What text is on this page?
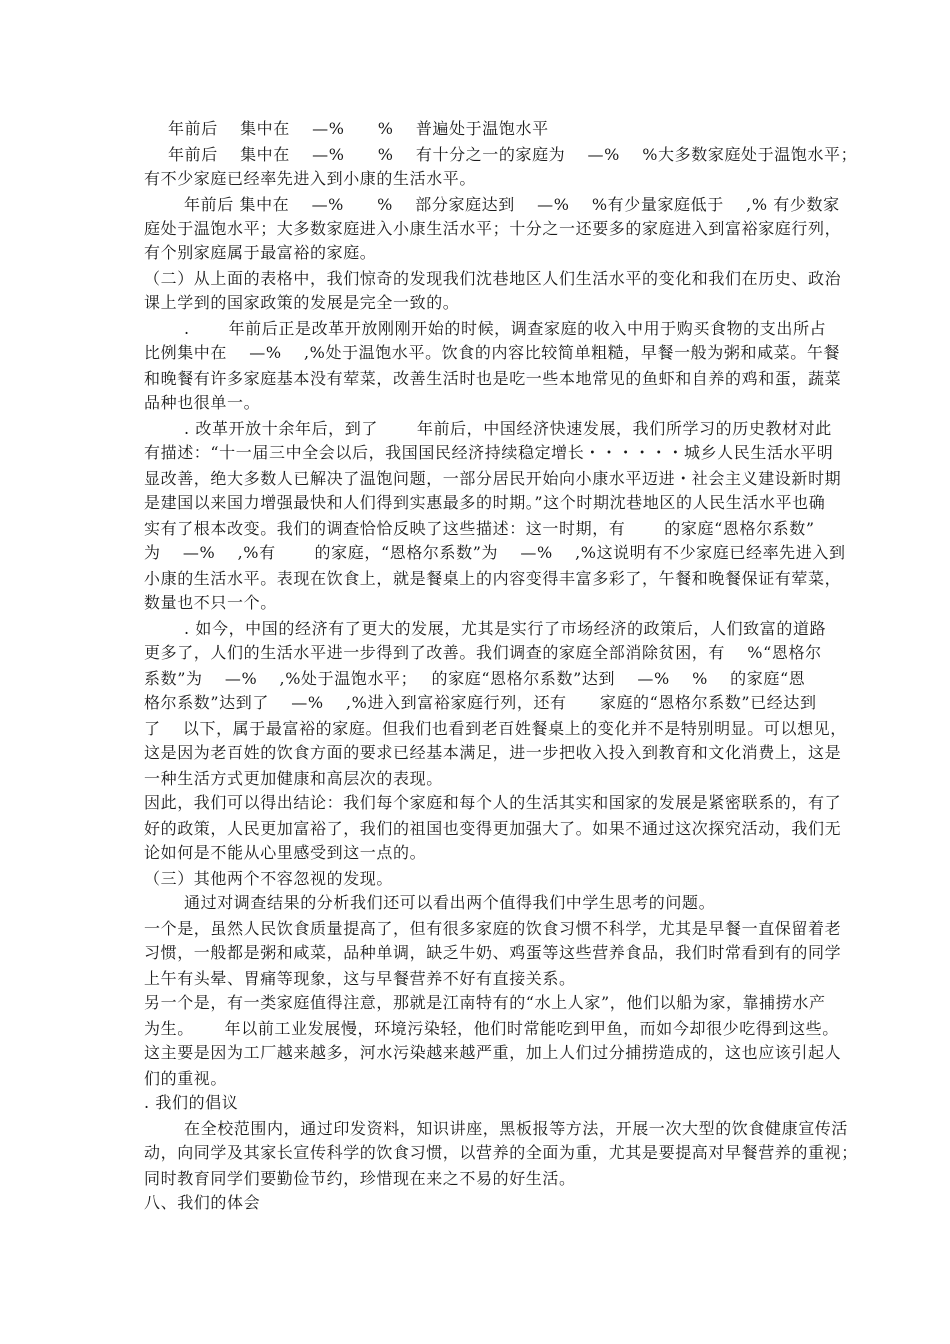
年前后　 集中在　 —%　　%　 普遍处于温饱水平
年前后　 集中在　 —%　　%　 有十分之一的家庭为　 —%　 %大多数家庭处于温饱水平；
有不少家庭已经率先进入到小康的生活水平。
年前后 集中在　 —%　　%　 部分家庭达到　 —%　 %有少量家庭低于　 ,% 有少数家
庭处于温饱水平；大多数家庭进入小康生活水平；十分之一还要多的家庭进入到富裕家庭行列，
有个别家庭属于最富裕的家庭。
（二）从上面的表格中，我们惊奇的发现我们沈巷地区人们生活水平的变化和我们在历史、政治
课上学到的国家政策的发展是完全一致的。
.　　 年前后正是改革开放刚刚开始的时候，调查家庭的收入中用于购买食物的支出所占
比例集中在　 —%　 ,%处于温饱水平。饮食的内容比较简单粗糙，早餐一般为粥和咸菜。午餐
和晚餐有许多家庭基本没有荤菜，改善生活时也是吃一些本地常见的鱼虾和自养的鸡和蛋，蔬菜
品种也很单一。
. 改革开放十余年后，到了　　 年前后，中国经济快速发展，我们所学习的历史教材对此
有描述：“十一届三中全会以后，我国国民经济持续稳定增长・・・・・・城乡人民生活水平明
显改善，绝大多数人已解决了温饱问题，一部分居民开始向小康水平迈进・社会主义建设新时期
是建国以来国力增强最快和人们得到实惠最多的时期。”这个时期沈巷地区的人民生活水平也确
实有了根本改变。我们的调查恰恰反映了这些描述：这一时期，有　　 的家庭“恩格尔系数”
为　 —%　 ,%有　　 的家庭，“恩格尔系数”为　 —%　 ,%这说明有不少家庭已经率先进入到
小康的生活水平。表现在饮食上，就是餐桌上的内容变得丰富多彩了，午餐和晚餐保证有荤菜，
数量也不只一个。
. 如今，中国的经济有了更大的发展，尤其是实行了市场经济的政策后，人们致富的道路
更多了，人们的生活水平进一步得到了改善。我们调查的家庭全部消除贫困，有　 %“恩格尔
系数”为　 —%　 ,%处于温饱水平；　 的家庭“恩格尔系数”达到　 —%　 %　 的家庭“恩
格尔系数”达到了　 —%　 ,%进入到富裕家庭行列，还有　　家庭的“恩格尔系数”已经达到
了　 以下，属于最富裕的家庭。但我们也看到老百姓餐桌上的变化并不是特别明显。可以想见，
这是因为老百姓的饮食方面的要求已经基本满足，进一步把收入投入到教育和文化消费上，这是
一种生活方式更加健康和高层次的表现。
因此，我们可以得出结论：我们每个家庭和每个人的生活其实和国家的发展是紧密联系的，有了
好的政策，人民更加富裕了，我们的祖国也变得更加强大了。如果不通过这次探究活动，我们无
论如何是不能从心里感受到这一点的。
（三）其他两个不容忽视的发现。
通过对调查结果的分析我们还可以看出两个值得我们中学生思考的问题。
一个是，虽然人民饮食质量提高了，但有很多家庭的饮食习惯不科学，尤其是早餐一直保留着老
习惯，一般都是粥和咸菜，品种单调，缺乏牛奶、鸡蛋等这些营养食品，我们时常看到有的同学
上午有头晕、胃痛等现象，这与早餐营养不好有直接关系。
另一个是，有一类家庭值得注意，那就是江南特有的“水上人家”，他们以船为家，靠捕捞水产
为生。　　 年以前工业发展慢，环境污染轻，他们时常能吃到甲鱼，而如今却很少吃得到这些。
这主要是因为工厂越来越多，河水污染越来越严重，加上人们过分捕捞造成的，这也应该引起人
们的重视。
. 我们的倡议
在全校范围内，通过印发资料，知识讲座，黑板报等方法，开展一次大型的饮食健康宣传活
动，向同学及其家长宣传科学的饮食习惯，以营养的全面为重，尤其是要提高对早餐营养的重视；
同时教育同学们要勤俭节约，珍惜现在来之不易的好生活。
八、我们的体会
